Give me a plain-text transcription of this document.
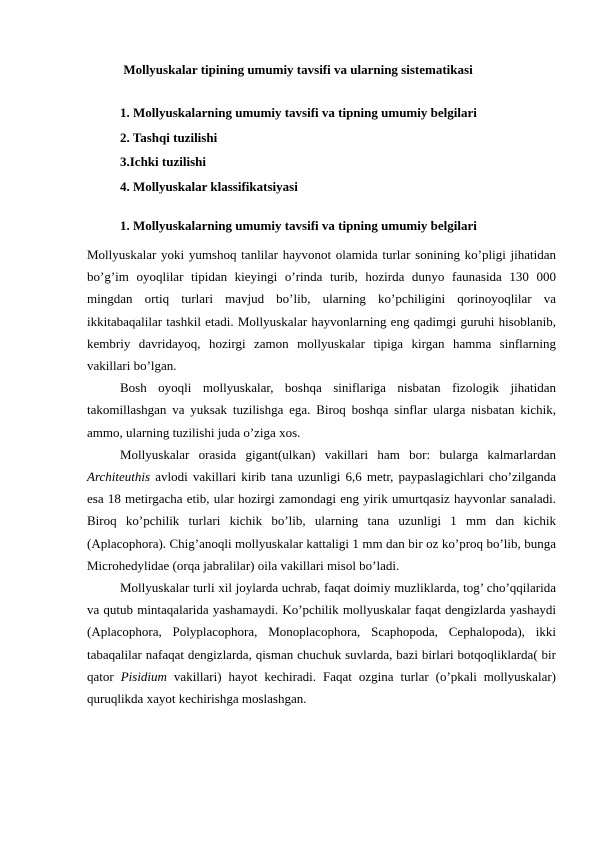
Mollyuskalar tipining umumiy tavsifi va ularning sistematikasi
1. Mollyuskalarning umumiy tavsifi va tipning umumiy belgilari
2. Tashqi tuzilishi
3.Ichki tuzilishi
4. Mollyuskalar klassifikatsiyasi
1. Mollyuskalarning umumiy tavsifi va tipning umumiy belgilari

Mollyuskalar yoki yumshoq tanlilar hayvonot olamida turlar sonining ko’pligi jihatidan bo’g’im oyoqlilar tipidan kieyingi o’rinda turib, hozirda dunyo faunasida 130 000 mingdan ortiq turlari mavjud bo’lib, ularning ko’pchiligini qorinoyoqlilar va ikkitabaqalilar tashkil etadi. Mollyuskalar hayvonlarning eng qadimgi guruhi hisoblanib, kembriy davridayoq, hozirgi zamon mollyuskalar tipiga kirgan hamma sinflarning vakillari bo’lgan.

Bosh oyoqli mollyuskalar, boshqa siniflariga nisbatan fizologik jihatidan takomillashgan va yuksak tuzilishga ega. Biroq boshqa sinflar ularga nisbatan kichik, ammo, ularning tuzilishi juda o’ziga xos.

Mollyuskalar orasida gigant(ulkan) vakillari ham bor: bularga kalmarlardan Architeuthis avlodi vakillari kirib tana uzunligi 6,6 metr, paypaslagichlari cho’zilganda esa 18 metirgacha etib, ular hozirgi zamondagi eng yirik umurtqasiz hayvonlar sanaladi. Biroq ko’pchilik turlari kichik bo’lib, ularning tana uzunligi 1 mm dan kichik (Aplacophora). Chig’anoqli mollyuskalar kattaligi 1 mm dan bir oz ko’proq bo’lib, bunga Microhedylidae (orqa jabralilar) oila vakillari misol bo’ladi.

Mollyuskalar turli xil joylarda uchrab, faqat doimiy muzliklarda, tog’ cho’qqilarida va qutub mintaqalarida yashamaydi. Ko’pchilik mollyuskalar faqat dengizlarda yashaydi (Aplacophora, Polyplacophora, Monoplacophora, Scaphopoda, Cephalopoda), ikki tabaqalilar nafaqat dengizlarda, qisman chuchuk suvlarda, bazi birlari botqoqliklarda( bir qator Pisidium vakillari) hayot kechiradi. Faqat ozgina turlar (o’pkali mollyuskalar) quruqlikda xayot kechirishga moslashgan.
